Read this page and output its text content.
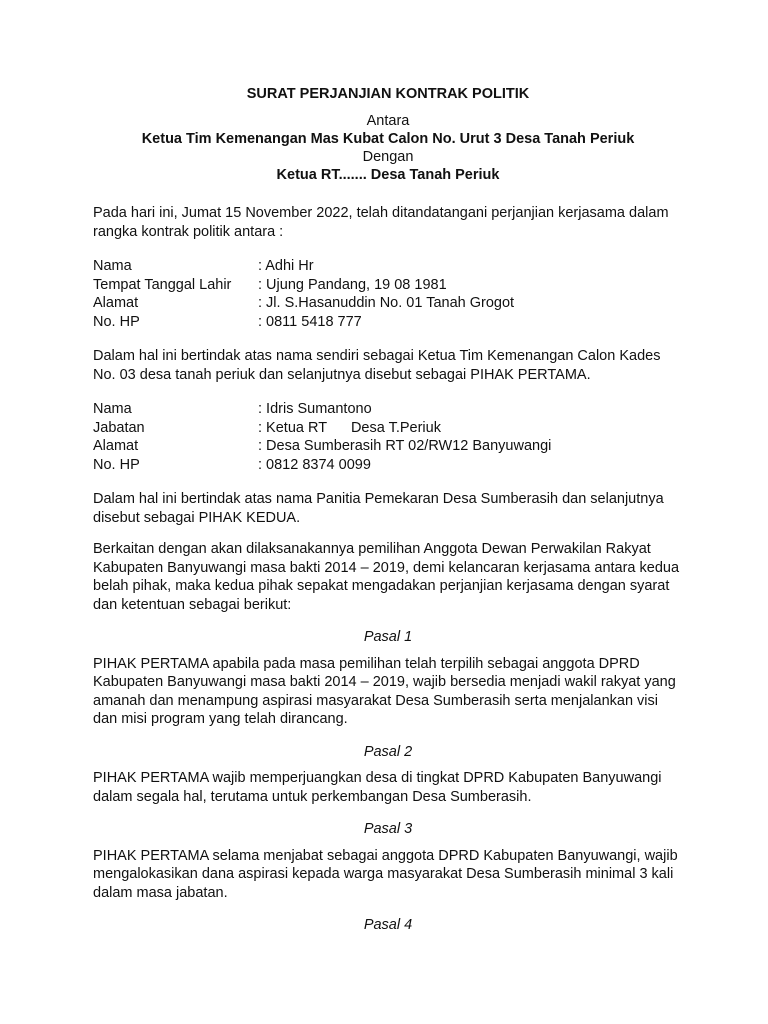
SURAT PERJANJIAN KONTRAK POLITIK
Antara
Ketua Tim Kemenangan Mas Kubat Calon No. Urut 3 Desa Tanah Periuk
Dengan
Ketua RT....... Desa Tanah Periuk

Pada hari ini, Jumat 15 November 2022, telah ditandatangani perjanjian kerjasama dalam rangka kontrak politik antara :

Nama	: Adhi Hr
Tempat Tanggal Lahir	: Ujung Pandang, 19 08 1981
Alamat	: Jl. S.Hasanuddin No. 01 Tanah Grogot
No. HP	: 0811 5418 777

Dalam hal ini bertindak atas nama sendiri sebagai Ketua Tim Kemenangan Calon Kades No. 03 desa tanah periuk dan selanjutnya disebut sebagai PIHAK PERTAMA.

Nama	: Idris Sumantono
Jabatan	: Ketua RT      Desa T.Periuk
Alamat	: Desa Sumberasih RT 02/RW12 Banyuwangi
No. HP	: 0812 8374 0099

Dalam hal ini bertindak atas nama Panitia Pemekaran Desa Sumberasih dan selanjutnya disebut sebagai PIHAK KEDUA.

Berkaitan dengan akan dilaksanakannya pemilihan Anggota Dewan Perwakilan Rakyat Kabupaten Banyuwangi masa bakti 2014 – 2019, demi kelancaran kerjasama antara kedua belah pihak, maka kedua pihak sepakat mengadakan perjanjian kerjasama dengan syarat dan ketentuan sebagai berikut:

Pasal 1

PIHAK PERTAMA apabila pada masa pemilihan telah terpilih sebagai anggota DPRD Kabupaten Banyuwangi masa bakti 2014 – 2019, wajib bersedia menjadi wakil rakyat yang amanah dan menampung aspirasi masyarakat Desa Sumberasih serta menjalankan visi dan misi program yang telah dirancang.

Pasal 2

PIHAK PERTAMA wajib memperjuangkan desa di tingkat DPRD Kabupaten Banyuwangi dalam segala hal, terutama untuk perkembangan Desa Sumberasih.

Pasal 3

PIHAK PERTAMA selama menjabat sebagai anggota DPRD Kabupaten Banyuwangi, wajib mengalokasikan dana aspirasi kepada warga masyarakat Desa Sumberasih minimal 3 kali dalam masa jabatan.

Pasal 4
